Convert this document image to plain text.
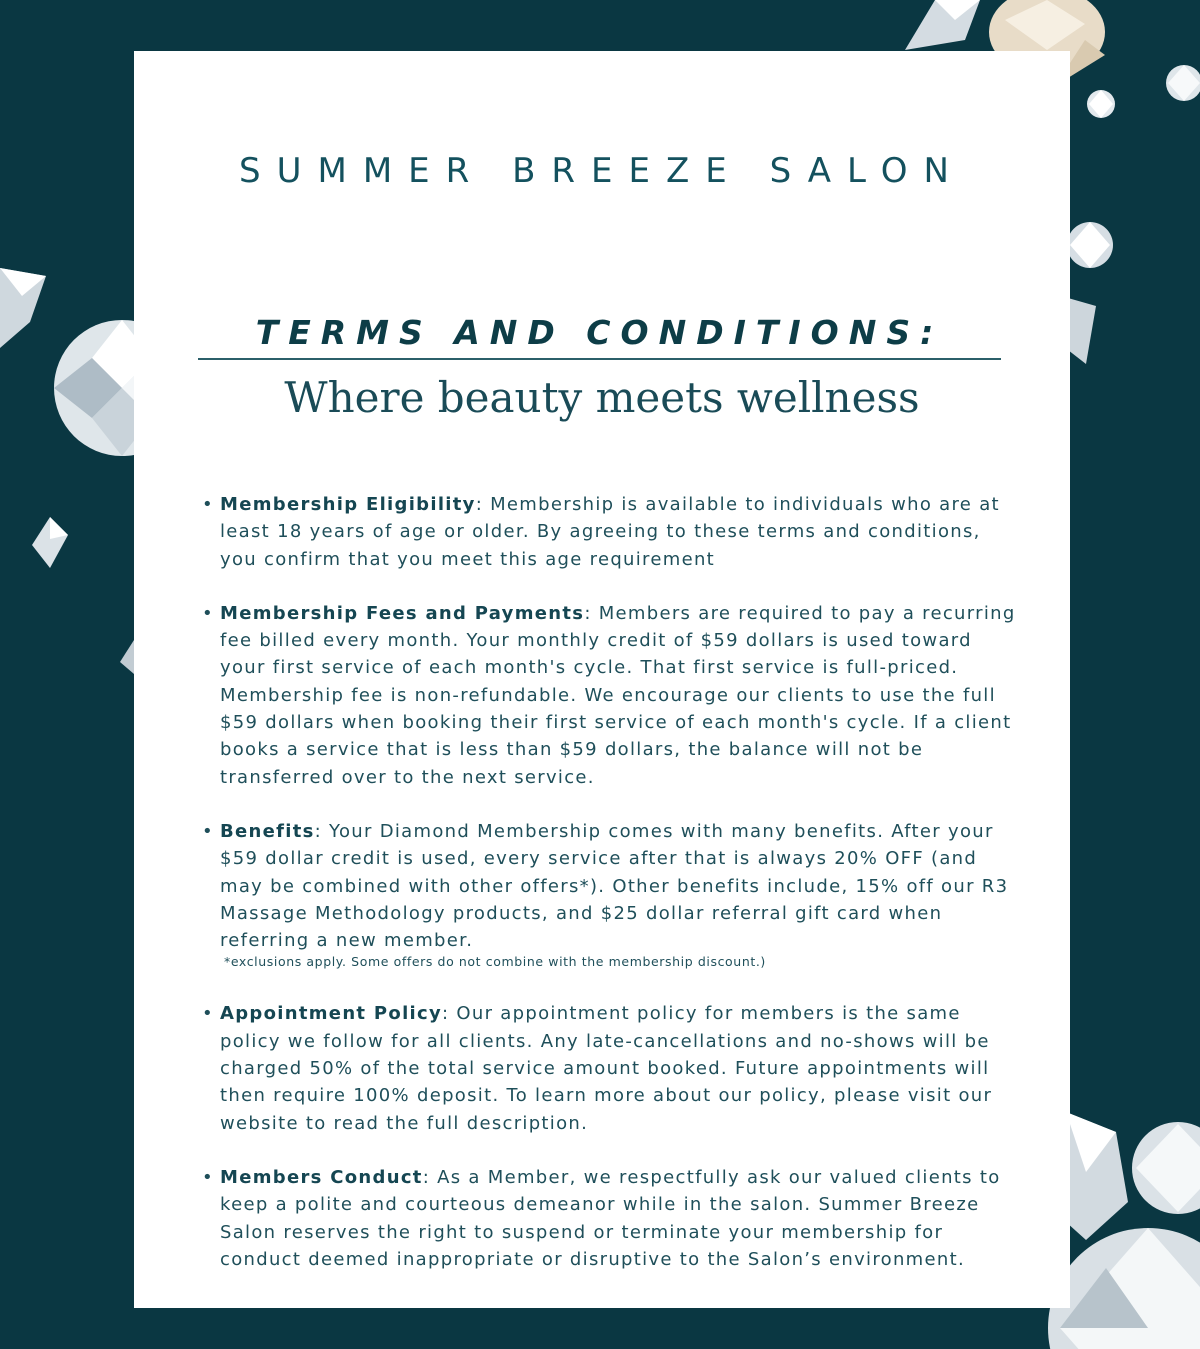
SUMMER BREEZE SALON
TERMS AND CONDITIONS:
Where beauty meets wellness
• Membership Eligibility: Membership is available to individuals who are at least 18 years of age or older. By agreeing to these terms and conditions, you confirm that you meet this age requirement
• Membership Fees and Payments: Members are required to pay a recurring fee billed every month. Your monthly credit of $59 dollars is used toward your first service of each month's cycle. That first service is full-priced. Membership fee is non-refundable. We encourage our clients to use the full $59 dollars when booking their first service of each month's cycle. If a client books a service that is less than $59 dollars, the balance will not be transferred over to the next service.
• Benefits: Your Diamond Membership comes with many benefits. After your $59 dollar credit is used, every service after that is always 20% OFF (and may be combined with other offers*). Other benefits include, 15% off our R3 Massage Methodology products, and $25 dollar referral gift card when referring a new member.
*exclusions apply. Some offers do not combine with the membership discount.)
• Appointment Policy: Our appointment policy for members is the same policy we follow for all clients. Any late-cancellations and no-shows will be charged 50% of the total service amount booked. Future appointments will then require 100% deposit. To learn more about our policy, please visit our website to read the full description.
• Members Conduct: As a Member, we respectfully ask our valued clients to keep a polite and courteous demeanor while in the salon. Summer Breeze Salon reserves the right to suspend or terminate your membership for conduct deemed inappropriate or disruptive to the Salon’s environment.
